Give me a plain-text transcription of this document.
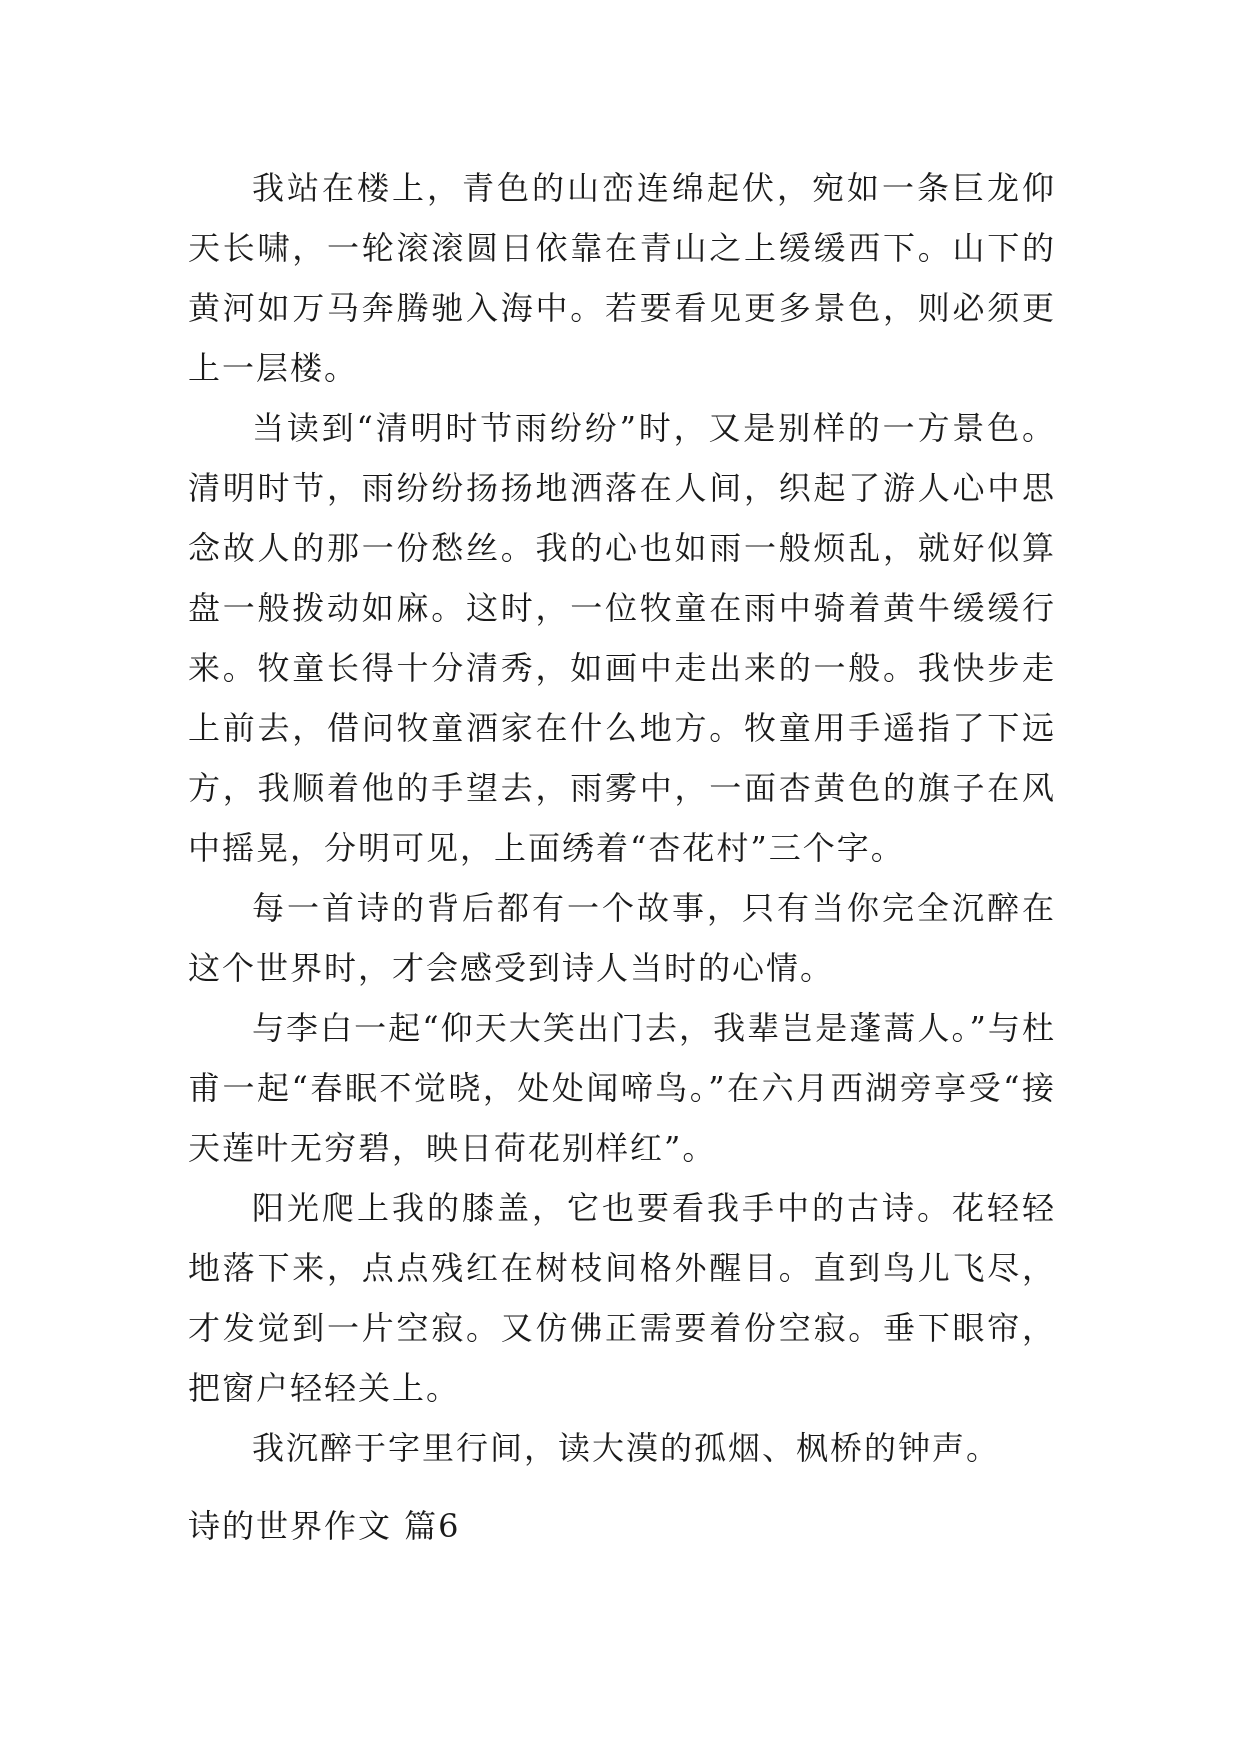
我站在楼上，青色的山峦连绵起伏，宛如一条巨龙仰天长啸，一轮滚滚圆日依靠在青山之上缓缓西下。山下的黄河如万马奔腾驰入海中。若要看见更多景色，则必须更上一层楼。

当读到“清明时节雨纷纷”时，又是别样的一方景色。清明时节，雨纷纷扬扬地洒落在人间，织起了游人心中思念故人的那一份愁丝。我的心也如雨一般烦乱，就好似算盘一般拨动如麻。这时，一位牧童在雨中骑着黄牛缓缓行来。牧童长得十分清秀，如画中走出来的一般。我快步走上前去，借问牧童酒家在什么地方。牧童用手遥指了下远方，我顺着他的手望去，雨雾中，一面杏黄色的旗子在风中摇晃，分明可见，上面绣着“杏花村”三个字。

每一首诗的背后都有一个故事，只有当你完全沉醉在这个世界时，才会感受到诗人当时的心情。

与李白一起“仰天大笑出门去，我辈岂是蓬蒿人。”与杜甫一起“春眠不觉晓，处处闻啼鸟。”在六月西湖旁享受“接天莲叶无穷碧，映日荷花别样红”。

阳光爬上我的膝盖，它也要看我手中的古诗。花轻轻地落下来，点点残红在树枝间格外醒目。直到鸟儿飞尽，才发觉到一片空寂。又仿佛正需要着份空寂。垂下眼帘，把窗户轻轻关上。

我沉醉于字里行间，读大漠的孤烟、枫桥的钟声。

诗的世界作文 篇6
